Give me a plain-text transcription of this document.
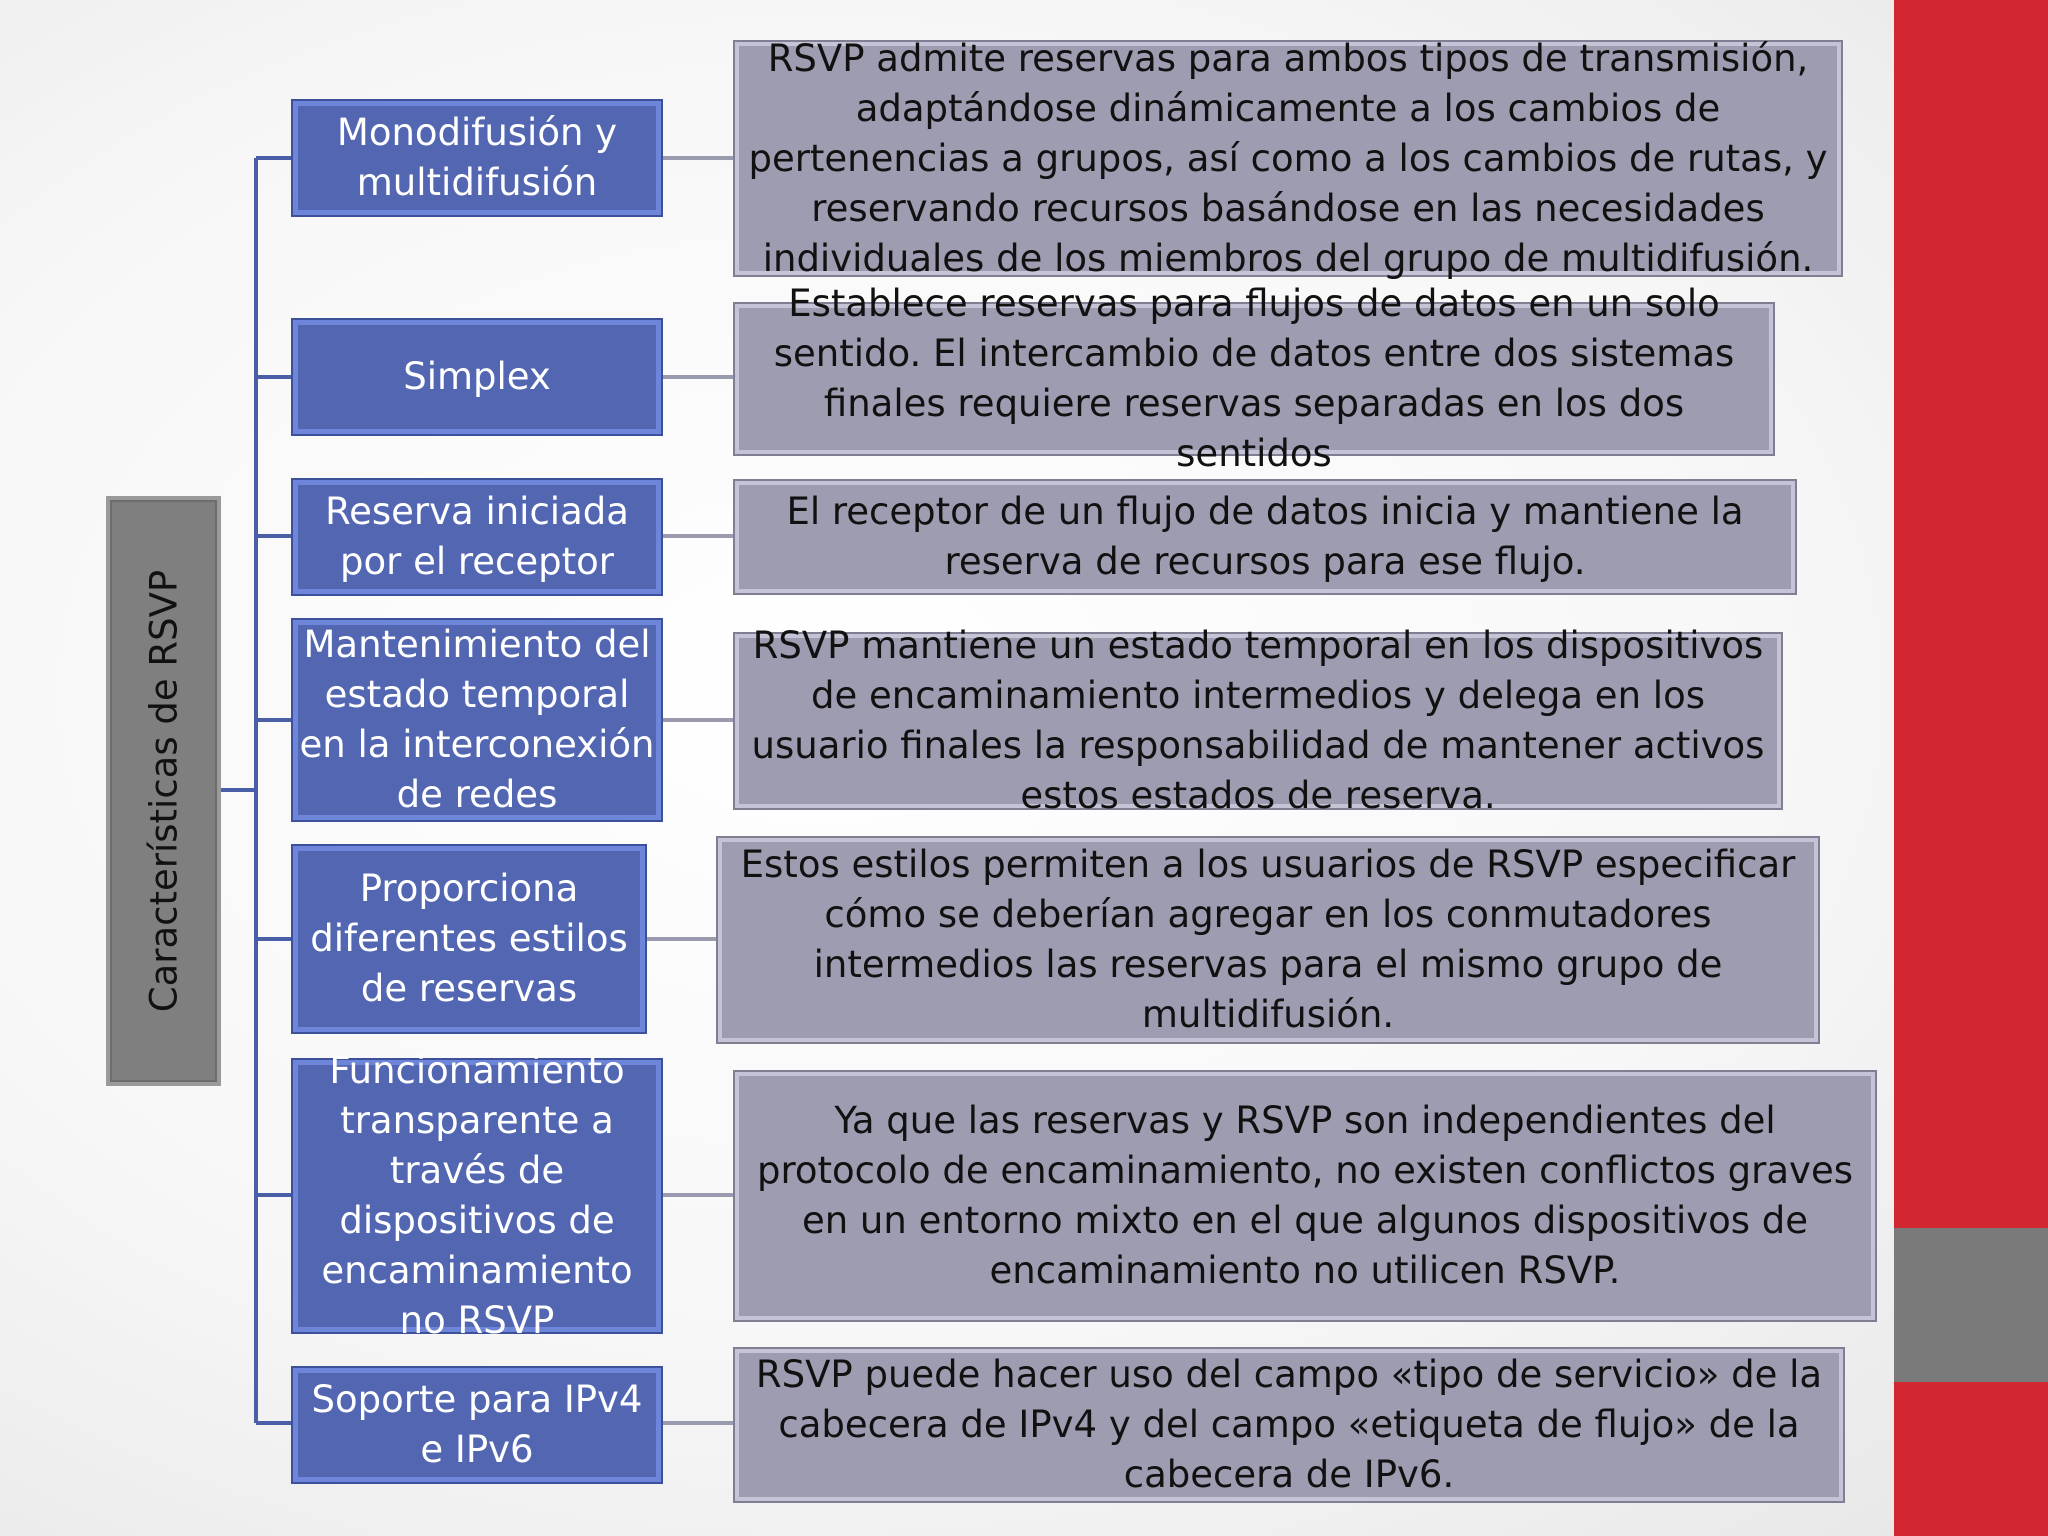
Características de RSVP
Monodifusión y multidifusión
Simplex
Reserva iniciada por el receptor
Mantenimiento del estado temporal en la interconexión de redes
Proporciona diferentes estilos de reservas
Funcionamiento transparente a través de dispositivos de encaminamiento no RSVP
Soporte para IPv4 e IPv6
RSVP admite reservas para ambos tipos de transmisión, adaptándose dinámicamente a los cambios de pertenencias a grupos, así como a los cambios de rutas, y reservando recursos basándose en las necesidades individuales de los miembros del grupo de multidifusión.
Establece reservas para flujos de datos en un solo sentido. El intercambio de datos entre dos sistemas finales requiere reservas separadas en los dos sentidos
El receptor de un flujo de datos inicia y mantiene la reserva de recursos para ese flujo.
RSVP mantiene un estado temporal en los dispositivos de encaminamiento intermedios y delega en los usuario finales la responsabilidad de mantener activos estos estados de reserva.
Estos estilos permiten a los usuarios de RSVP especificar cómo se deberían agregar en los conmutadores intermedios las reservas para el mismo grupo de multidifusión.
Ya que las reservas y RSVP son independientes del protocolo de encaminamiento, no existen conflictos graves en un entorno mixto en el que algunos dispositivos de encaminamiento no utilicen RSVP.
RSVP puede hacer uso del campo «tipo de servicio» de la cabecera de IPv4 y del campo «etiqueta de flujo» de la cabecera de IPv6.
